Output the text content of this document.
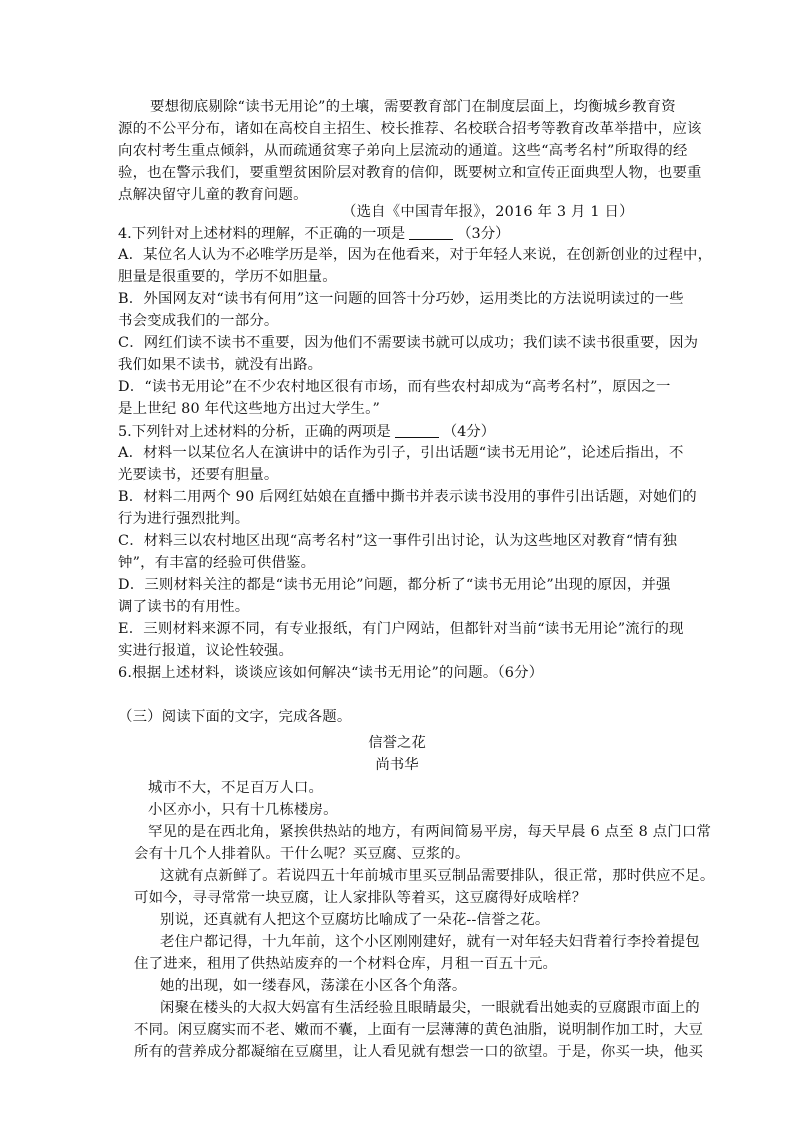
要想彻底剔除“读书无用论”的土壤，需要教育部门在制度层面上，均衡城乡教育资
源的不公平分布，诸如在高校自主招生、校长推荐、名校联合招考等教育改革举措中，应该
向农村考生重点倾斜，从而疏通贫寒子弟向上层流动的通道。这些“高考名村”所取得的经
验，也在警示我们，要重塑贫困阶层对教育的信仰，既要树立和宣传正面典型人物，也要重
点解决留守儿童的教育问题。
（选自《中国青年报》，2016 年 3 月 1 日）
4.下列针对上述材料的理解，不正确的一项是	（3分）
A．某位名人认为不必唯学历是举，因为在他看来，对于年轻人来说，在创新创业的过程中，
胆量是很重要的，学历不如胆量。
B．外国网友对“读书有何用”这一问题的回答十分巧妙，运用类比的方法说明读过的一些
书会变成我们的一部分。
C．网红们读不读书不重要，因为他们不需要读书就可以成功；我们读不读书很重要，因为
我们如果不读书，就没有出路。
D．“读书无用论”在不少农村地区很有市场，而有些农村却成为“高考名村”，原因之一
是上世纪 80 年代这些地方出过大学生。”
5.下列针对上述材料的分析，正确的两项是	（4分）
A．材料一以某位名人在演讲中的话作为引子，引出话题“读书无用论”，论述后指出，不
光要读书，还要有胆量。
B．材料二用两个 90 后网红姑娘在直播中撕书并表示读书没用的事件引出话题，对她们的
行为进行强烈批判。
C．材料三以农村地区出现“高考名村”这一事件引出讨论，认为这些地区对教育“情有独
钟”，有丰富的经验可供借鉴。
D．三则材料关注的都是“读书无用论”问题，都分析了“读书无用论”出现的原因，并强
调了读书的有用性。
E．三则材料来源不同，有专业报纸，有门户网站，但都针对当前“读书无用论”流行的现
实进行报道，议论性较强。
6.根据上述材料，谈谈应该如何解决“读书无用论”的问题。（6分）
（三）阅读下面的文字，完成各题。
信誉之花
尚书华
城市不大，不足百万人口。
小区亦小，只有十几栋楼房。
罕见的是在西北角，紧挨供热站的地方，有两间简易平房，每天早晨 6 点至 8 点门口常
会有十几个人排着队。干什么呢？买豆腐、豆浆的。
这就有点新鲜了。若说四五十年前城市里买豆制品需要排队，很正常，那时供应不足。
可如今，寻寻常常一块豆腐，让人家排队等着买，这豆腐得好成啥样？
别说，还真就有人把这个豆腐坊比喻成了一朵花--信誉之花。
老住户都记得，十九年前，这个小区刚刚建好，就有一对年轻夫妇背着行李拎着提包
住了进来，租用了供热站废弃的一个材料仓库，月租一百五十元。
她的出现，如一缕春风，荡漾在小区各个角落。
闲聚在楼头的大叔大妈富有生活经验且眼睛最尖，一眼就看出她卖的豆腐跟市面上的
不同。闲豆腐实而不老、嫩而不囊，上面有一层薄薄的黄色油脂，说明制作加工时，大豆
所有的营养成分都凝缩在豆腐里，让人看见就有想尝一口的欲望。于是，你买一块，他买
